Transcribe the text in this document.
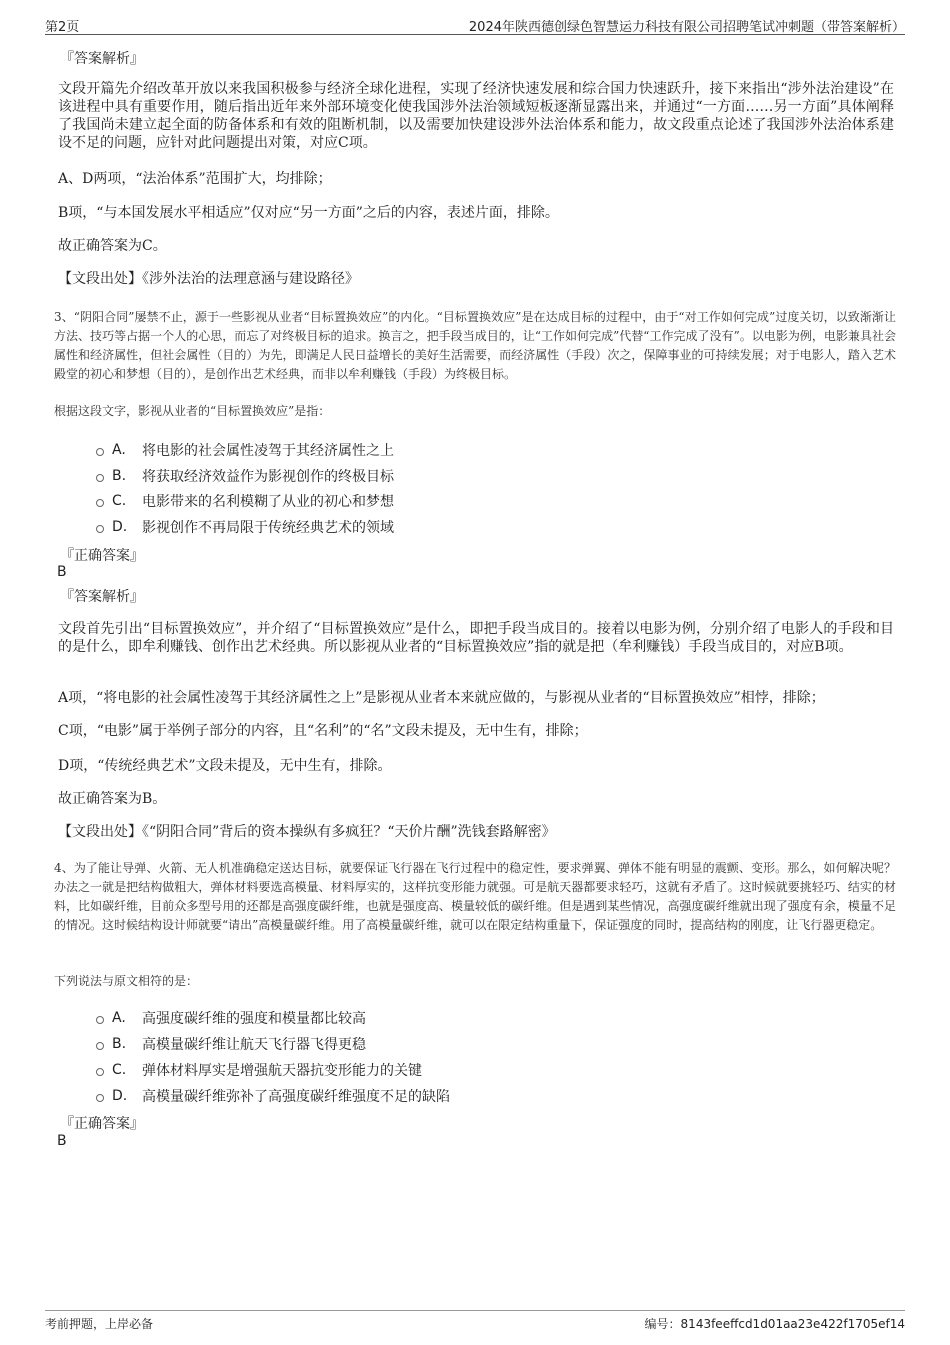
第2页	2024年陕西德创绿色智慧运力科技有限公司招聘笔试冲刺题（带答案解析）
『答案解析』
文段开篇先介绍改革开放以来我国积极参与经济全球化进程，实现了经济快速发展和综合国力快速跃升，接下来指出“涉外法治建设”在该进程中具有重要作用，随后指出近年来外部环境变化使我国涉外法治领域短板逐渐显露出来，并通过“一方面……另一方面”具体阐释了我国尚未建立起全面的防备体系和有效的阻断机制，以及需要加快建设涉外法治体系和能力，故文段重点论述了我国涉外法治体系建设不足的问题，应针对此问题提出对策，对应C项。
A、D两项，“法治体系”范围扩大，均排除；
B项，“与本国发展水平相适应”仅对应“另一方面”之后的内容，表述片面，排除。
故正确答案为C。
【文段出处】《涉外法治的法理意涵与建设路径》
3、“阴阳合同”屡禁不止，源于一些影视从业者“目标置换效应”的内化。“目标置换效应”是在达成目标的过程中，由于“对工作如何完成”过度关切，以致渐渐让方法、技巧等占据一个人的心思，而忘了对终极目标的追求。换言之，把手段当成目的，让“工作如何完成”代替“工作完成了没有”。以电影为例，电影兼具社会属性和经济属性，但社会属性（目的）为先，即满足人民日益增长的美好生活需要，而经济属性（手段）次之，保障事业的可持续发展；对于电影人，踏入艺术殿堂的初心和梦想（目的），是创作出艺术经典，而非以牟利赚钱（手段）为终极目标。
根据这段文字，影视从业者的“目标置换效应”是指：
A.	将电影的社会属性凌驾于其经济属性之上
B.	将获取经济效益作为影视创作的终极目标
C.	电影带来的名利模糊了从业的初心和梦想
D.	影视创作不再局限于传统经典艺术的领域
『正确答案』
B
『答案解析』
文段首先引出“目标置换效应”，并介绍了“目标置换效应”是什么，即把手段当成目的。接着以电影为例，分别介绍了电影人的手段和目的是什么，即牟利赚钱、创作出艺术经典。所以影视从业者的“目标置换效应”指的就是把（牟利赚钱）手段当成目的，对应B项。
A项，“将电影的社会属性凌驾于其经济属性之上”是影视从业者本来就应做的，与影视从业者的“目标置换效应”相悖，排除；
C项，“电影”属于举例子部分的内容，且“名利”的“名”文段未提及，无中生有，排除；
D项，“传统经典艺术”文段未提及，无中生有，排除。
故正确答案为B。
【文段出处】《“阴阳合同”背后的资本操纵有多疯狂？“天价片酬”洗钱套路解密》
4、为了能让导弹、火箭、无人机准确稳定送达目标，就要保证飞行器在飞行过程中的稳定性，要求弹翼、弹体不能有明显的震颤、变形。那么，如何解决呢？办法之一就是把结构做粗大，弹体材料要选高模量、材料厚实的，这样抗变形能力就强。可是航天器都要求轻巧，这就有矛盾了。这时候就要挑轻巧、结实的材料，比如碳纤维，目前众多型号用的还都是高强度碳纤维，也就是强度高、模量较低的碳纤维。但是遇到某些情况，高强度碳纤维就出现了强度有余，模量不足的情况。这时候结构设计师就要“请出”高模量碳纤维。用了高模量碳纤维，就可以在限定结构重量下，保证强度的同时，提高结构的刚度，让飞行器更稳定。
下列说法与原文相符的是：
A.	高强度碳纤维的强度和模量都比较高
B.	高模量碳纤维让航天飞行器飞得更稳
C.	弹体材料厚实是增强航天器抗变形能力的关键
D.	高模量碳纤维弥补了高强度碳纤维强度不足的缺陷
『正确答案』
B
考前押题，上岸必备	编号：8143feeffcd1d01aa23e422f1705ef14
